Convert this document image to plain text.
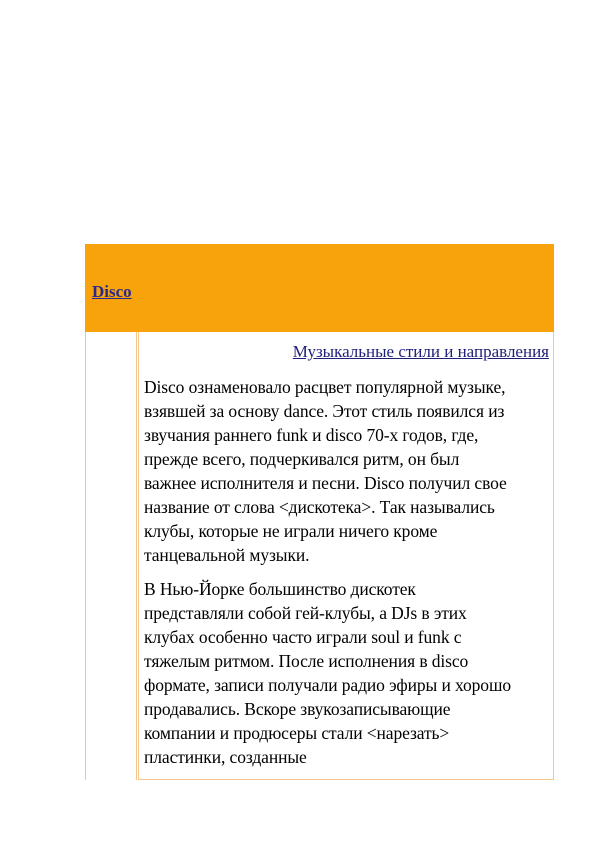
Disco
Музыкальные стили и направления

Disco ознаменовало расцвет популярной музыке, взявшей за основу dance. Этот стиль появился из звучания раннего funk и disco 70-х годов, где, прежде всего, подчеркивался ритм, он был важнее исполнителя и песни. Disco получил свое название от слова <дискотека>. Так назывались клубы, которые не играли ничего кроме танцевальной музыки.

В Нью-Йорке большинство дискотек представляли собой гей-клубы, а DJs в этих клубах особенно часто играли soul и funk с тяжелым ритмом. После исполнения в disco формате, записи получали радио эфиры и хорошо продавались. Вскоре звукозаписывающие компании и продюсеры стали <нарезать> пластинки, созданные
